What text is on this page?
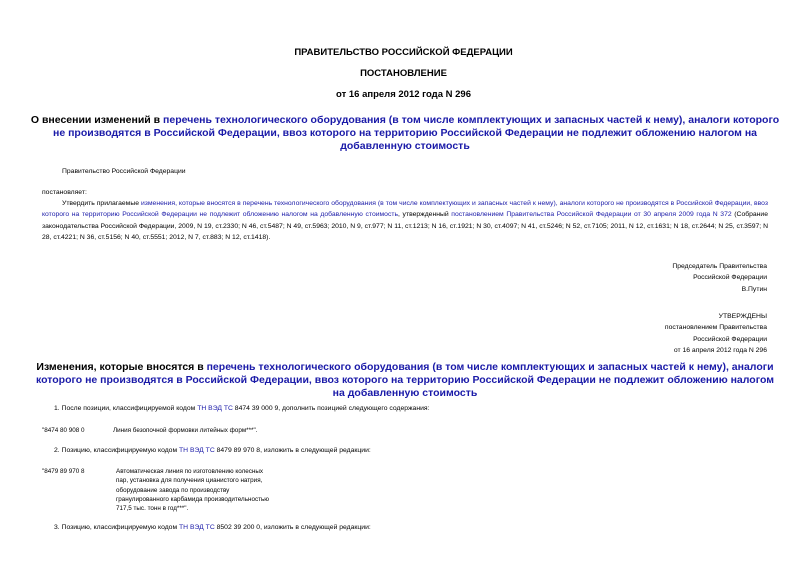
ПРАВИТЕЛЬСТВО РОССИЙСКОЙ ФЕДЕРАЦИИ
ПОСТАНОВЛЕНИЕ
от 16 апреля 2012 года N 296
О внесении изменений в перечень технологического оборудования (в том числе комплектующих и запасных частей к нему), аналоги которого не производятся в Российской Федерации, ввоз которого на территорию Российской Федерации не подлежит обложению налогом на добавленную стоимость
Правительство Российской Федерации
постановляет:
Утвердить прилагаемые изменения, которые вносятся в перечень технологического оборудования (в том числе комплектующих и запасных частей к нему), аналоги которого не производятся в Российской Федерации, ввоз которого на территорию Российской Федерации не подлежит обложению налогом на добавленную стоимость, утвержденный постановлением Правительства Российской Федерации от 30 апреля 2009 года N 372 (Собрание законодательства Российской Федерации, 2009, N 19, ст.2330; N 46, ст.5487; N 49, ст.5963; 2010, N 9, ст.977; N 11, ст.1213; N 16, ст.1921; N 30, ст.4097; N 41, ст.5246; N 52, ст.7105; 2011, N 12, ст.1631; N 18, ст.2644; N 25, ст.3597; N 28, ст.4221; N 36, ст.5156; N 40, ст.5551; 2012, N 7, ст.883; N 12, ст.1418).
Председатель Правительства
Российской Федерации
В.Путин
УТВЕРЖДЕНЫ
постановлением Правительства
Российской Федерации
от 16 апреля 2012 года N 296
Изменения, которые вносятся в перечень технологического оборудования (в том числе комплектующих и запасных частей к нему), аналоги которого не производятся в Российской Федерации, ввоз которого на территорию Российской Федерации не подлежит обложению налогом на добавленную стоимость
1. После позиции, классифицируемой кодом ТН ВЭД ТС 8474 39 000 9, дополнить позицией следующего содержания:
"8474 80 908 0	Линия безопочной формовки литейных форм***".
2. Позицию, классифицируемую кодом ТН ВЭД ТС 8479 89 970 8, изложить в следующей редакции:
"8479 89 970 8	Автоматическая линия по изготовлению колесных
пар, установка для получения цианистого натрия,
оборудование завода по производству
гранулированного карбамида производительностью
717,5 тыс. тонн в год***".
3. Позицию, классифицируемую кодом ТН ВЭД ТС 8502 39 200 0, изложить в следующей редакции:
